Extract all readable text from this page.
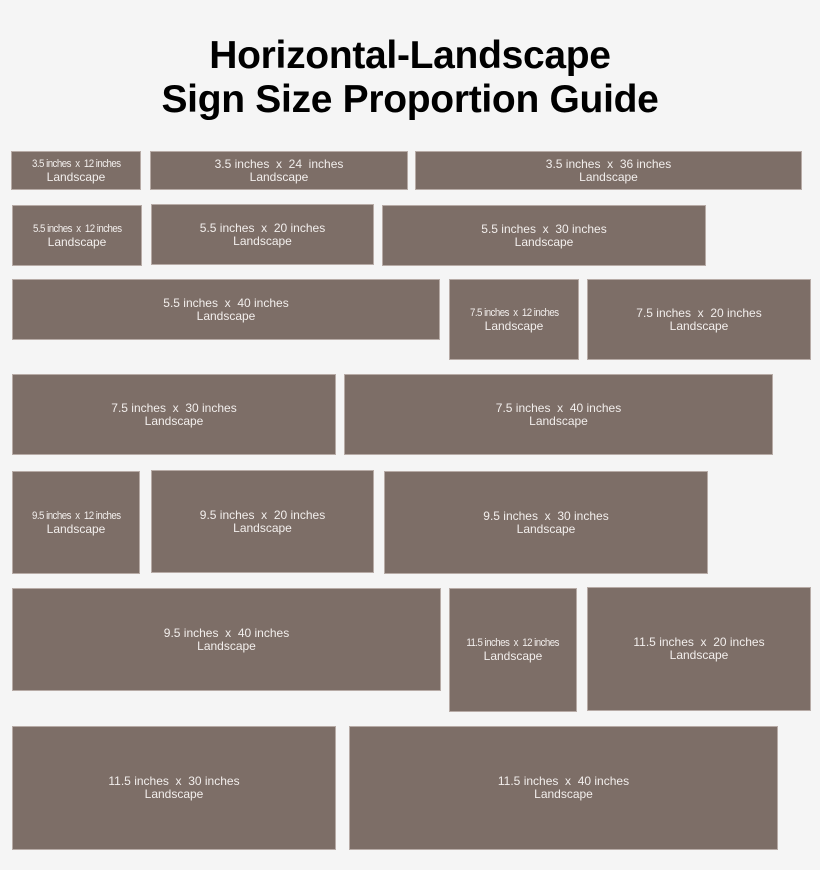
Horizontal-Landscape
Sign Size Proportion Guide
3.5 inches  x  12 inches
Landscape
3.5 inches  x  24  inches
Landscape
3.5 inches  x  36 inches
Landscape
5.5 inches  x  12 inches
Landscape
5.5 inches  x  20 inches
Landscape
5.5 inches  x  30 inches
Landscape
5.5 inches  x  40 inches
Landscape	7.5 inches  x  12 inches
Landscape
7.5 inches  x  20 inches
Landscape
7.5 inches  x  30 inches
Landscape
7.5 inches  x  40 inches
Landscape
9.5 inches  x  12 inches
Landscape
9.5 inches  x  20 inches
Landscape
9.5 inches  x  30 inches
Landscape
9.5 inches  x  40 inches
Landscape	11.5 inches  x  12 inches
Landscape
11.5 inches  x  20 inches
Landscape
11.5 inches  x  30 inches
Landscape
11.5 inches  x  40 inches
Landscape
